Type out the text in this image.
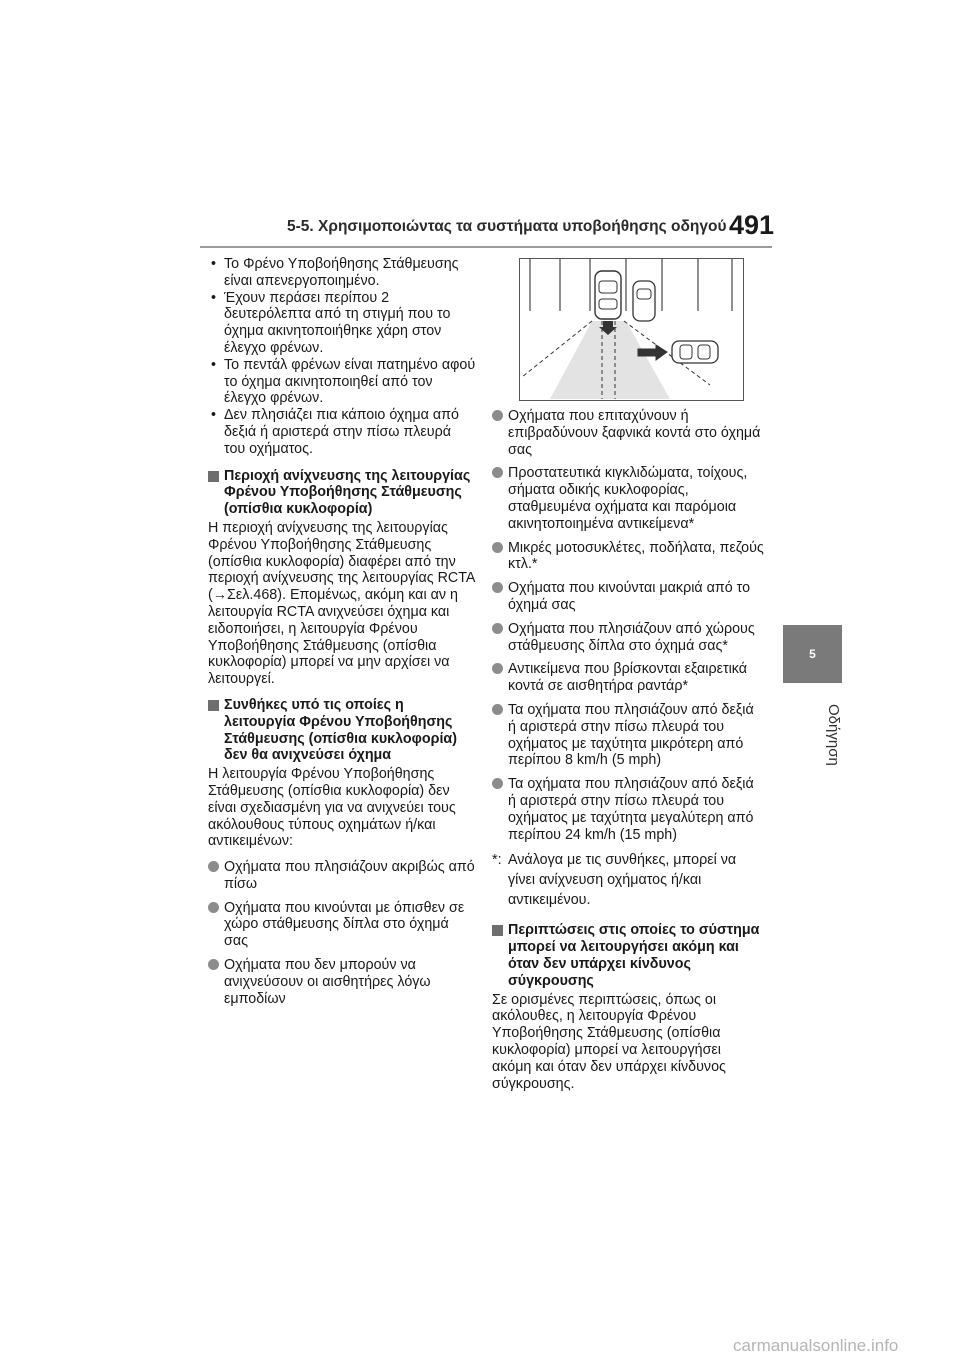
5-5. Χρησιμοποιώντας τα συστήματα υποβοήθησης οδηγού 491
5
Οδήγηση
• Το Φρένο Υποβοήθησης Στάθμευσης είναι απενεργοποιημένο.
• Έχουν περάσει περίπου 2 δευτερόλεπτα από τη στιγμή που το όχημα ακινητοποιήθηκε χάρη στον έλεγχο φρένων.
• Το πεντάλ φρένων είναι πατημένο αφού το όχημα ακινητοποιηθεί από τον έλεγχο φρένων.
• Δεν πλησιάζει πια κάποιο όχημα από δεξιά ή αριστερά στην πίσω πλευρά του οχήματος.
Περιοχή ανίχνευσης της λειτουργίας Φρένου Υποβοήθησης Στάθμευσης (οπίσθια κυκλοφορία)

Η περιοχή ανίχνευσης της λειτουργίας Φρένου Υποβοήθησης Στάθμευσης (οπίσθια κυκλοφορία) διαφέρει από την περιοχή ανίχνευσης της λειτουργίας RCTA (→Σελ.468). Επομένως, ακόμη και αν η λειτουργία RCTA ανιχνεύσει όχημα και ειδοποιήσει, η λειτουργία Φρένου Υποβοήθησης Στάθμευσης (οπίσθια κυκλοφορία) μπορεί να μην αρχίσει να λειτουργεί.

Συνθήκες υπό τις οποίες η λειτουργία Φρένου Υποβοήθησης Στάθμευσης (οπίσθια κυκλοφορία) δεν θα ανιχνεύσει όχημα

Η λειτουργία Φρένου Υποβοήθησης Στάθμευσης (οπίσθια κυκλοφορία) δεν είναι σχεδιασμένη για να ανιχνεύει τους ακόλουθους τύπους οχημάτων ή/και αντικειμένων:

Οχήματα που πλησιάζουν ακριβώς από πίσω
Οχήματα που κινούνται με όπισθεν σε χώρο στάθμευσης δίπλα στο όχημά σας
Οχήματα που δεν μπορούν να ανιχνεύσουν οι αισθητήρες λόγω εμποδίων
Οχήματα που επιταχύνουν ή επιβραδύνουν ξαφνικά κοντά στο όχημά σας
Προστατευτικά κιγκλιδώματα, τοίχους, σήματα οδικής κυκλοφορίας, σταθμευμένα οχήματα και παρόμοια ακινητοποιημένα αντικείμενα*
Μικρές μοτοσυκλέτες, ποδήλατα, πεζούς κτλ.*
Οχήματα που κινούνται μακριά από το όχημά σας
Οχήματα που πλησιάζουν από χώρους στάθμευσης δίπλα στο όχημά σας*
Αντικείμενα που βρίσκονται εξαιρετικά κοντά σε αισθητήρα ραντάρ*
Τα οχήματα που πλησιάζουν από δεξιά ή αριστερά στην πίσω πλευρά του οχήματος με ταχύτητα μικρότερη από περίπου 8 km/h (5 mph)
Τα οχήματα που πλησιάζουν από δεξιά ή αριστερά στην πίσω πλευρά του οχήματος με ταχύτητα μεγαλύτερη από περίπου 24 km/h (15 mph)
*: Ανάλογα με τις συνθήκες, μπορεί να γίνει ανίχνευση οχήματος ή/και αντικειμένου.
Περιπτώσεις στις οποίες το σύστημα μπορεί να λειτουργήσει ακόμη και όταν δεν υπάρχει κίνδυνος σύγκρουσης

Σε ορισμένες περιπτώσεις, όπως οι ακόλουθες, η λειτουργία Φρένου Υποβοήθησης Στάθμευσης (οπίσθια κυκλοφορία) μπορεί να λειτουργήσει ακόμη και όταν δεν υπάρχει κίνδυνος σύγκρουσης.

carmanualsonline.info
